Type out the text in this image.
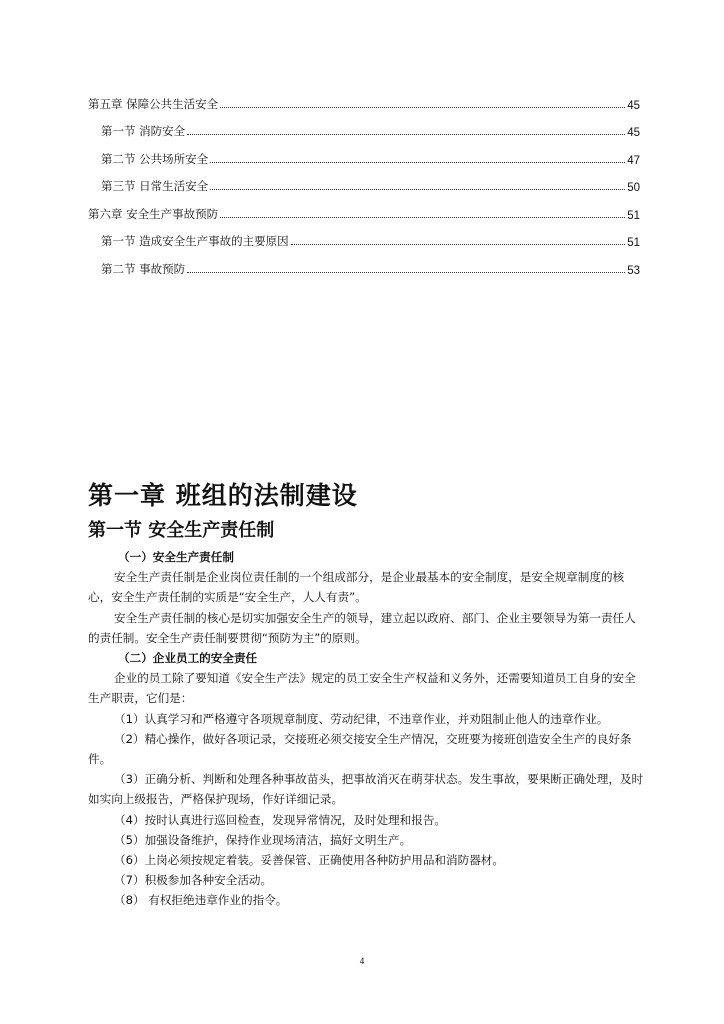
第五章 保障公共生活安全	45
第一节 消防安全	45
第二节 公共场所安全	47
第三节 日常生活安全	50
第六章 安全生产事故预防	51
第一节 造成安全生产事故的主要原因	51
第二节 事故预防	53
第一章 班组的法制建设
第一节 安全生产责任制

（一）安全生产责任制

安全生产责任制是企业岗位责任制的一个组成部分，是企业最基本的安全制度，是安全规章制度的核心，安全生产责任制的实质是“安全生产，人人有责”。

安全生产责任制的核心是切实加强安全生产的领导，建立起以政府、部门、企业主要领导为第一责任人的责任制。安全生产责任制要贯彻“预防为主”的原则。

（二）企业员工的安全责任

企业的员工除了要知道《安全生产法》规定的员工安全生产权益和义务外，还需要知道员工自身的安全生产职责，它们是：

（1）认真学习和严格遵守各项规章制度、劳动纪律，不违章作业，并劝阻制止他人的违章作业。

（2）精心操作，做好各项记录，交接班必须交接安全生产情况，交班要为接班创造安全生产的良好条件。

（3）正确分析、判断和处理各种事故苗头，把事故消灭在萌芽状态。发生事故，要果断正确处理，及时如实向上级报告，严格保护现场，作好详细记录。

（4）按时认真进行巡回检查，发现异常情况，及时处理和报告。

（5）加强设备维护，保持作业现场清洁，搞好文明生产。

（6）上岗必须按规定着装。妥善保管、正确使用各种防护用品和消防器材。

（7）积极参加各种安全活动。

（8） 有权拒绝违章作业的指令。

4
